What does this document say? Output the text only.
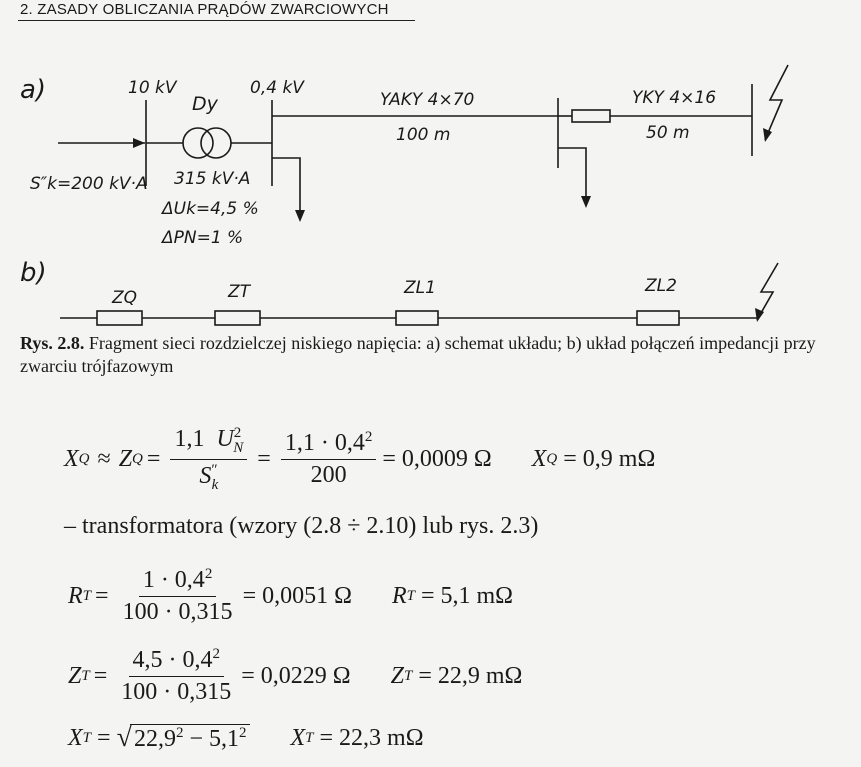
2. ZASADY OBLICZANIA PRĄDÓW ZWARCIOWYCH
a)	10 kV
Dy
0,4 kV
S″k=200 kV·A 315 kV·A
ΔUk=4,5 %
ΔPN=1 %
YAKY 4×70
100 m
YKY 4×16
50 m
b)
ZQ	ZT	ZL1	ZL2
Rys. 2.8. Fragment sieci rozdzielczej niskiego napięcia: a) schemat układu; b) układ połączeń impedancji przy zwarciu trójfazowym
X Q ≈ Z $Q = \frac{1,1 U^2_N}{S''_k} = \frac{1,1 \cdot 0,4^2}{200} = 0,0009$ Ω X Q = 0,9 mΩ
– transformatora (wzory (2.8 ÷ 2.10) lub rys. 2.3)
R $T = \frac{1 \cdot 0,4^2}{100 \cdot 0,315} = 0,0051$ Ω R T = 5,1 mΩ
Z $T = \frac{4,5 \cdot 0,4^2}{100 \cdot 0,315} = 0,0229$ Ω Z T = 22,9 mΩ
X T = √ $22,9^2 - 5,1^2$ X T = 22,3 mΩ
